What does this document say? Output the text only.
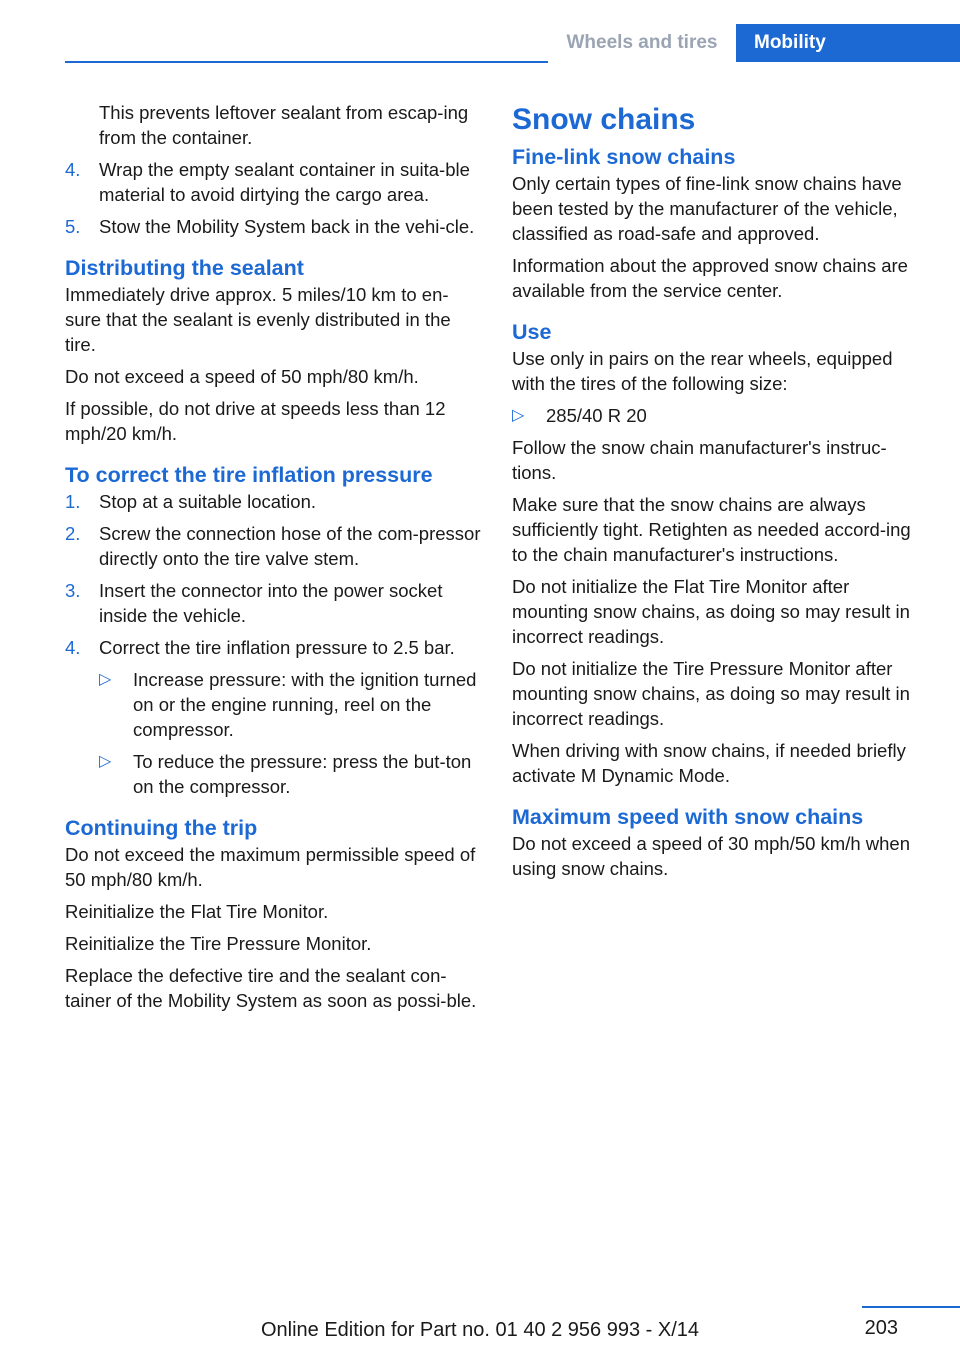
Wheels and tires	Mobility
This prevents leftover sealant from escap‐ing from the container.
4. Wrap the empty sealant container in suita‐ble material to avoid dirtying the cargo area.
5. Stow the Mobility System back in the vehi‐cle.
Distributing the sealant

Immediately drive approx. 5 miles/10 km to en‐sure that the sealant is evenly distributed in the tire.

Do not exceed a speed of 50 mph/80 km/h.

If possible, do not drive at speeds less than 12 mph/20 km/h.

To correct the tire inflation pressure
1. Stop at a suitable location.
2. Screw the connection hose of the com‐pressor directly onto the tire valve stem.
3. Insert the connector into the power socket inside the vehicle.
4. Correct the tire inflation pressure to 2.5 bar.
▷ Increase pressure: with the ignition turned on or the engine running, reel on the compressor.
▷ To reduce the pressure: press the but‐ton on the compressor.
Continuing the trip

Do not exceed the maximum permissible speed of 50 mph/80 km/h.

Reinitialize the Flat Tire Monitor.

Reinitialize the Tire Pressure Monitor.

Replace the defective tire and the sealant con‐tainer of the Mobility System as soon as possi‐ble.

Snow chains
Fine-link snow chains

Only certain types of fine-link snow chains have been tested by the manufacturer of the vehicle, classified as road-safe and approved.

Information about the approved snow chains are available from the service center.

Use

Use only in pairs on the rear wheels, equipped with the tires of the following size:

▷ 285/40 R 20

Follow the snow chain manufacturer's instruc‐tions.

Make sure that the snow chains are always sufficiently tight. Retighten as needed accord‐ing to the chain manufacturer's instructions.

Do not initialize the Flat Tire Monitor after mounting snow chains, as doing so may result in incorrect readings.

Do not initialize the Tire Pressure Monitor after mounting snow chains, as doing so may result in incorrect readings.

When driving with snow chains, if needed briefly activate M Dynamic Mode.

Maximum speed with snow chains

Do not exceed a speed of 30 mph/50 km/h when using snow chains.

203
Online Edition for Part no. 01 40 2 956 993 - X/14
